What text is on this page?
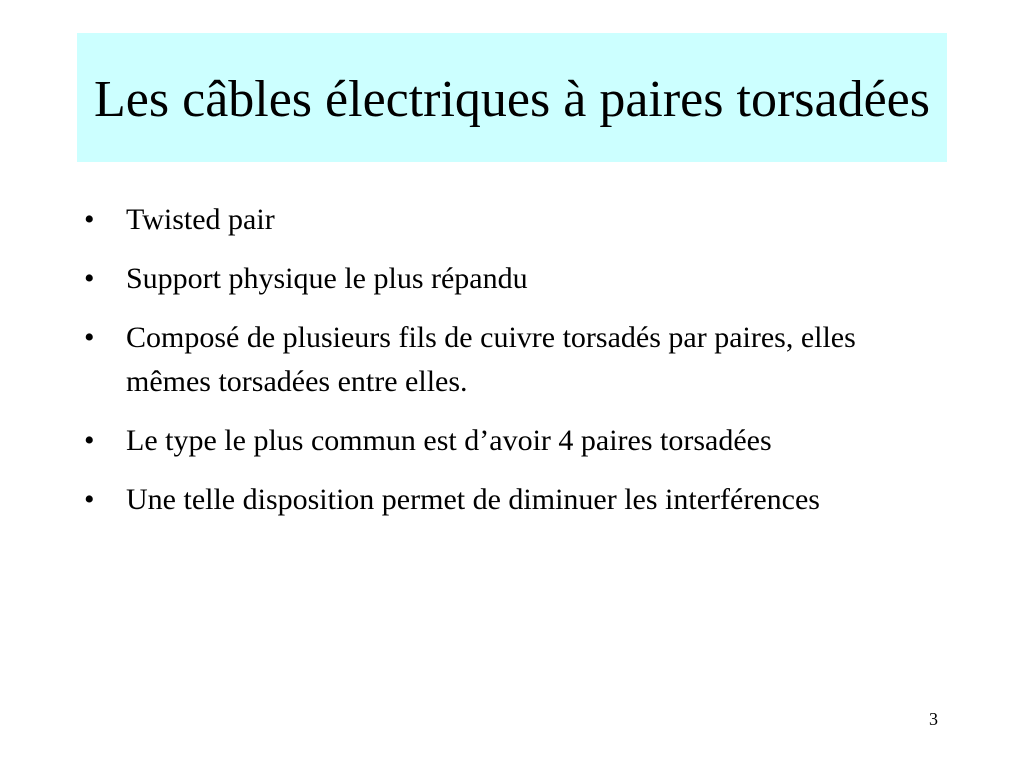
Les câbles électriques à paires torsadées
•	Twisted pair
•	Support physique le plus répandu
•	Composé de plusieurs fils de cuivre torsadés par paires, elles mêmes torsadées entre elles.
•	Le type le plus commun est d’avoir 4 paires torsadées
•	Une telle disposition permet de diminuer les interférences
3
